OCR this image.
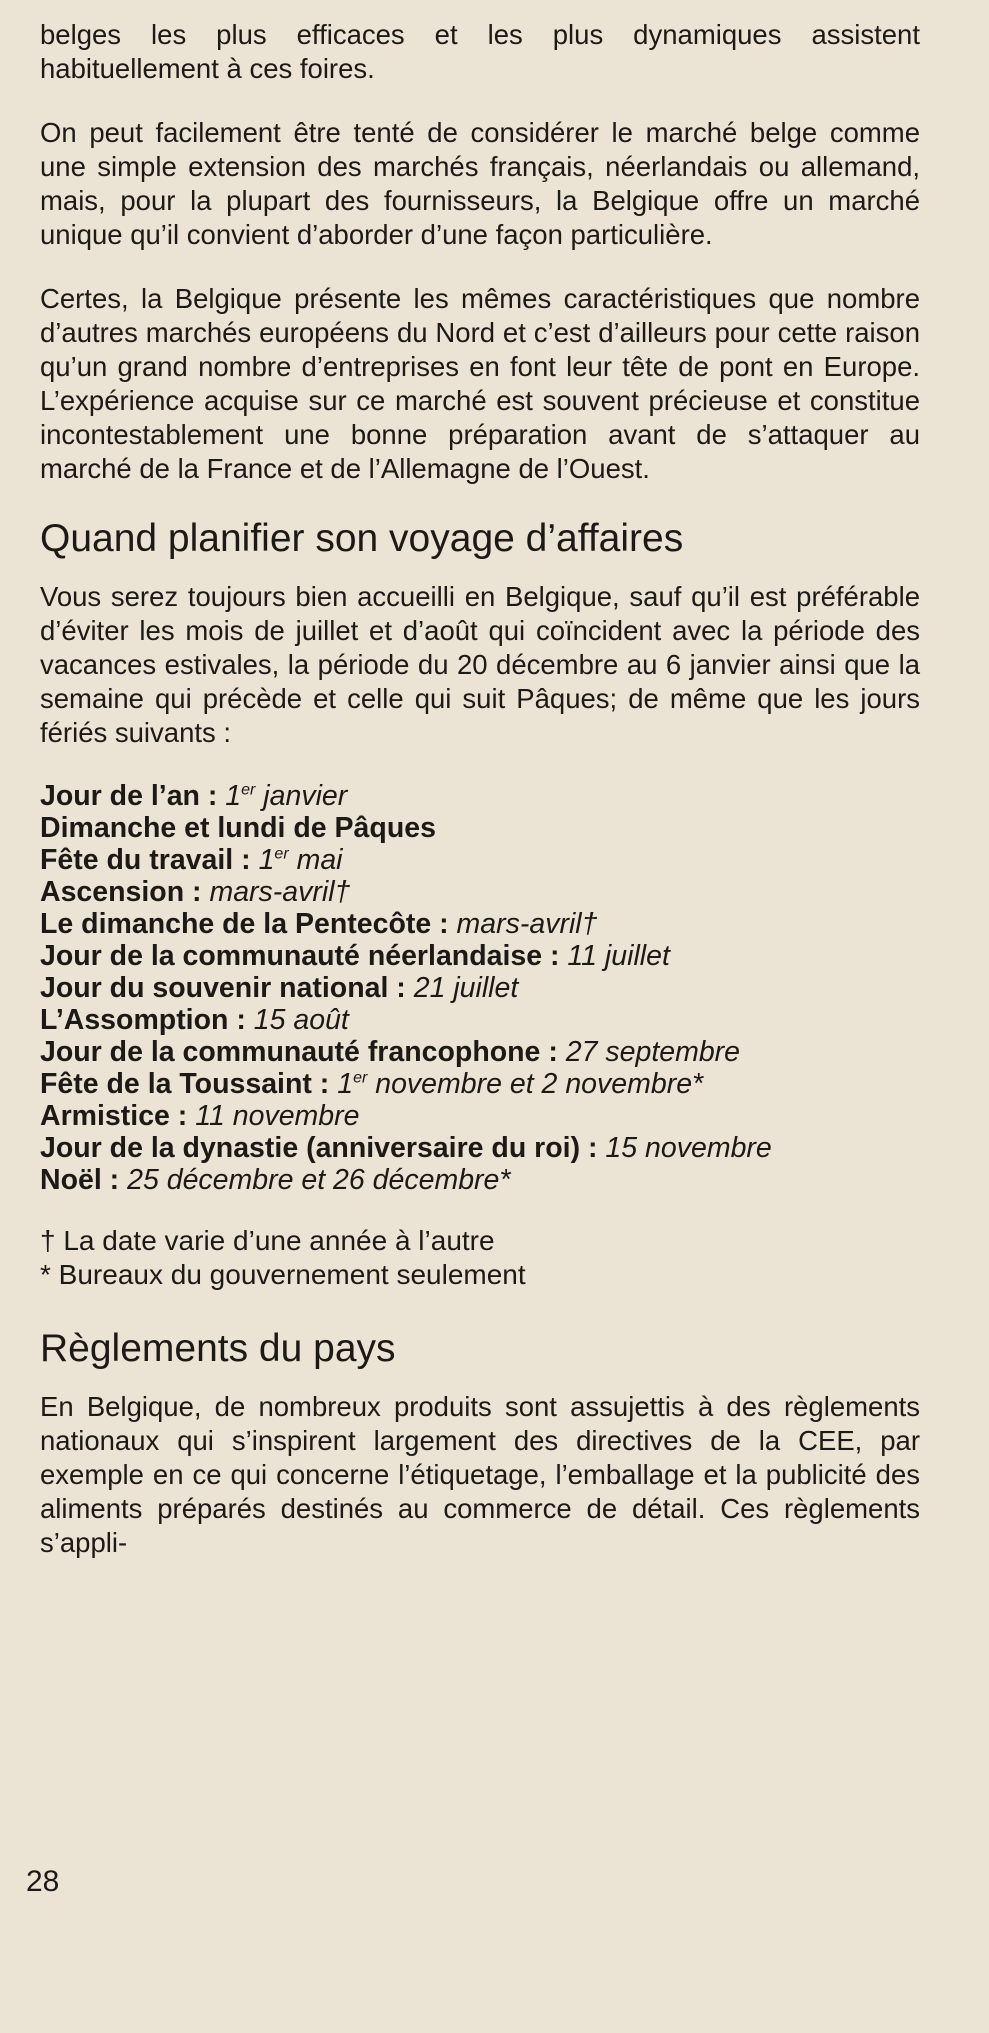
belges les plus efficaces et les plus dynamiques assistent habituellement à ces foires.

On peut facilement être tenté de considérer le marché belge comme une simple extension des marchés français, néerlandais ou allemand, mais, pour la plupart des fournisseurs, la Belgique offre un marché unique qu’il convient d’aborder d’une façon particulière.

Certes, la Belgique présente les mêmes caractéristiques que nombre d’autres marchés européens du Nord et c’est d’ailleurs pour cette raison qu’un grand nombre d’entreprises en font leur tête de pont en Europe. L’expérience acquise sur ce marché est souvent précieuse et constitue incontestablement une bonne préparation avant de s’attaquer au marché de la France et de l’Allemagne de l’Ouest.

Quand planifier son voyage d’affaires

Vous serez toujours bien accueilli en Belgique, sauf qu’il est préférable d’éviter les mois de juillet et d’août qui coïncident avec la période des vacances estivales, la période du 20 décembre au 6 janvier ainsi que la semaine qui précède et celle qui suit Pâques; de même que les jours fériés suivants :

Jour de l’an : 1er janvier
Dimanche et lundi de Pâques
Fête du travail : 1er mai
Ascension : mars-avril†
Le dimanche de la Pentecôte : mars-avril†
Jour de la communauté néerlandaise : 11 juillet
Jour du souvenir national : 21 juillet
L’Assomption : 15 août
Jour de la communauté francophone : 27 septembre
Fête de la Toussaint : 1er novembre et 2 novembre*
Armistice : 11 novembre
Jour de la dynastie (anniversaire du roi) : 15 novembre
Noël : 25 décembre et 26 décembre*
† La date varie d’une année à l’autre
* Bureaux du gouvernement seulement
Règlements du pays

En Belgique, de nombreux produits sont assujettis à des règlements nationaux qui s’inspirent largement des directives de la CEE, par exemple en ce qui concerne l’étiquetage, l’emballage et la publicité des aliments préparés destinés au commerce de détail. Ces règlements s’appli-

28
